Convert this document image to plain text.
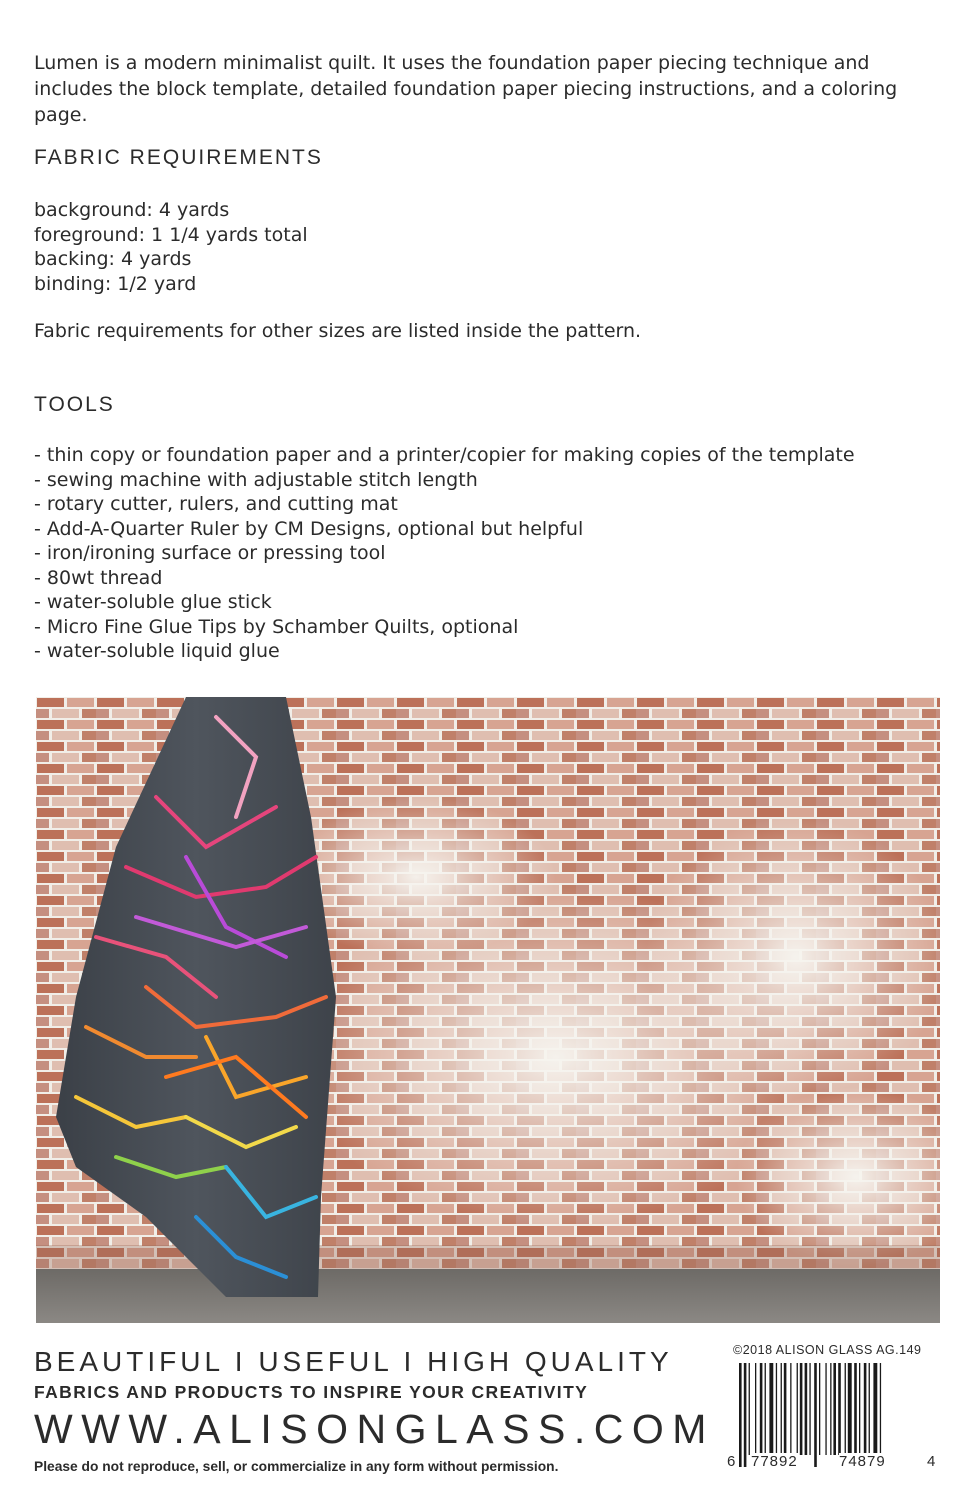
Lumen is a modern minimalist quilt. It uses the foundation paper piecing technique and includes the block template, detailed foundation paper piecing instructions, and a coloring page.

FABRIC REQUIREMENTS
background: 4 yards
foreground: 1 1/4 yards total
backing: 4 yards
binding: 1/2 yard

Fabric requirements for other sizes are listed inside the pattern.

TOOLS
- thin copy or foundation paper and a printer/copier for making copies of the template
- sewing machine with adjustable stitch length
- rotary cutter, rulers, and cutting mat
- Add-A-Quarter Ruler by CM Designs, optional but helpful
- iron/ironing surface or pressing tool
- 80wt thread
- water-soluble glue stick
- Micro Fine Glue Tips by Schamber Quilts, optional
- water-soluble liquid glue

BEAUTIFUL I USEFUL I HIGH QUALITY

FABRICS AND PRODUCTS TO INSPIRE YOUR CREATIVITY

WWW.ALISONGLASS.COM

Please do not reproduce, sell, or commercialize in any form without permission.

©2018 ALISON GLASS AG.149

6 77892	74879	4
